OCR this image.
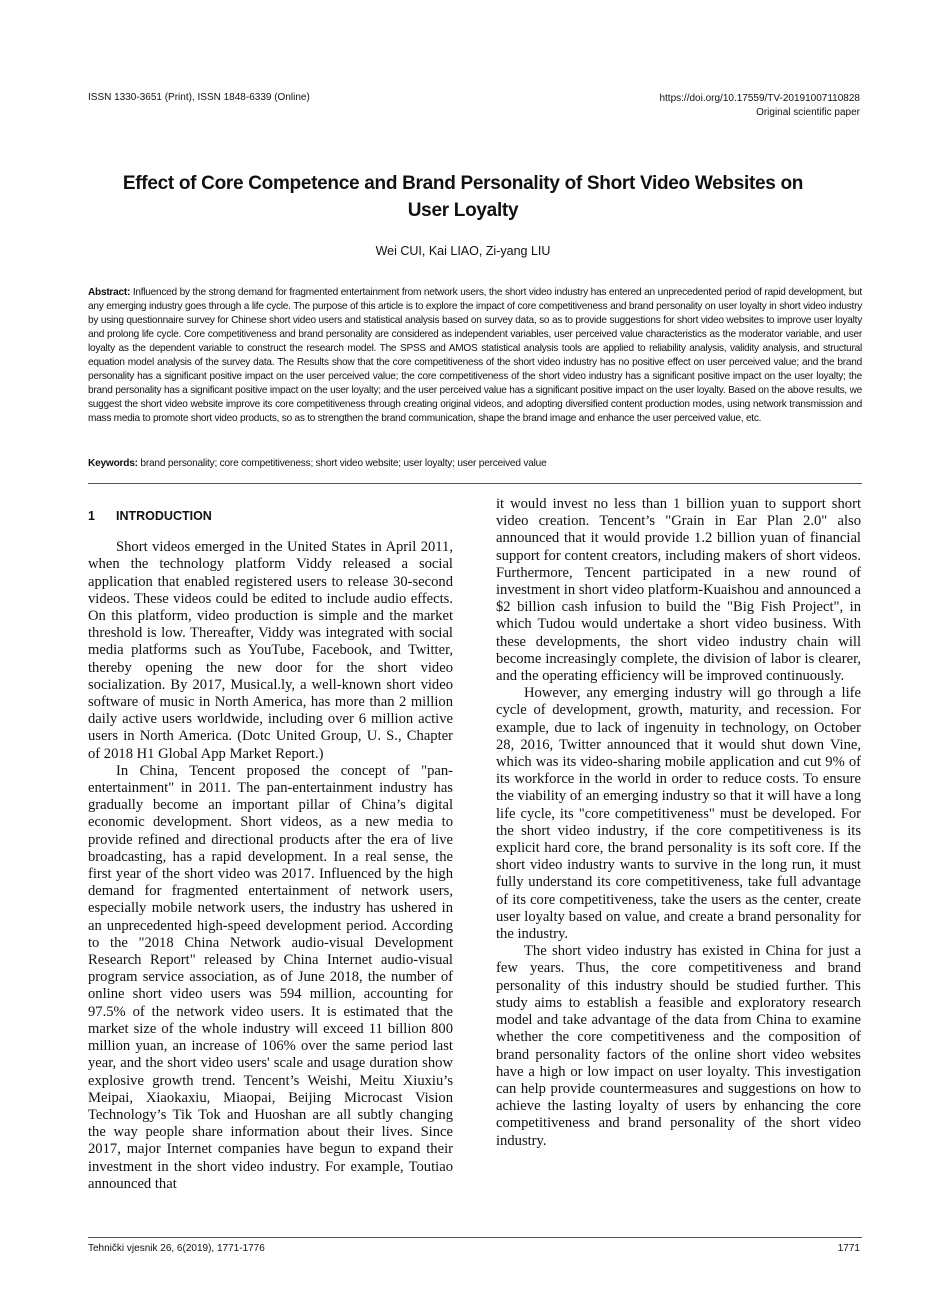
ISSN 1330-3651 (Print), ISSN 1848-6339 (Online)	https://doi.org/10.17559/TV-20191007110828
Original scientific paper
Effect of Core Competence and Brand Personality of Short Video Websites on User Loyalty
Wei CUI, Kai LIAO, Zi-yang LIU
Abstract: Influenced by the strong demand for fragmented entertainment from network users, the short video industry has entered an unprecedented period of rapid development, but any emerging industry goes through a life cycle. The purpose of this article is to explore the impact of core competitiveness and brand personality on user loyalty in short video industry by using questionnaire survey for Chinese short video users and statistical analysis based on survey data, so as to provide suggestions for short video websites to improve user loyalty and prolong life cycle. Core competitiveness and brand personality are considered as independent variables, user perceived value characteristics as the moderator variable, and user loyalty as the dependent variable to construct the research model. The SPSS and AMOS statistical analysis tools are applied to reliability analysis, validity analysis, and structural equation model analysis of the survey data. The Results show that the core competitiveness of the short video industry has no positive effect on user perceived value; and the brand personality has a significant positive impact on the user perceived value; the core competitiveness of the short video industry has a significant positive impact on the user loyalty; the brand personality has a significant positive impact on the user loyalty; and the user perceived value has a significant positive impact on the user loyalty. Based on the above results, we suggest the short video website improve its core competitiveness through creating original videos, and adopting diversified content production modes, using network transmission and mass media to promote short video products, so as to strengthen the brand communication, shape the brand image and enhance the user perceived value, etc.
Keywords: brand personality; core competitiveness; short video website; user loyalty; user perceived value
1 INTRODUCTION

Short videos emerged in the United States in April 2011, when the technology platform Viddy released a social application that enabled registered users to release 30-second videos. These videos could be edited to include audio effects. On this platform, video production is simple and the market threshold is low. Thereafter, Viddy was integrated with social media platforms such as YouTube, Facebook, and Twitter, thereby opening the new door for the short video socialization. By 2017, Musical.ly, a well-known short video software of music in North America, has more than 2 million daily active users worldwide, including over 6 million active users in North America. (Dotc United Group, U. S., Chapter of 2018 H1 Global App Market Report.)

In China, Tencent proposed the concept of "pan-entertainment" in 2011. The pan-entertainment industry has gradually become an important pillar of China’s digital economic development. Short videos, as a new media to provide refined and directional products after the era of live broadcasting, has a rapid development. In a real sense, the first year of the short video was 2017. Influenced by the high demand for fragmented entertainment of network users, especially mobile network users, the industry has ushered in an unprecedented high-speed development period. According to the "2018 China Network audio-visual Development Research Report" released by China Internet audio-visual program service association, as of June 2018, the number of online short video users was 594 million, accounting for 97.5% of the network video users. It is estimated that the market size of the whole industry will exceed 11 billion 800 million yuan, an increase of 106% over the same period last year, and the short video users' scale and usage duration show explosive growth trend. Tencent’s Weishi, Meitu Xiuxiu’s Meipai, Xiaokaxiu, Miaopai, Beijing Microcast Vision Technology’s Tik Tok and Huoshan are all subtly changing the way people share information about their lives. Since 2017, major Internet companies have begun to expand their investment in the short video industry. For example, Toutiao announced that

it would invest no less than 1 billion yuan to support short video creation. Tencent’s "Grain in Ear Plan 2.0" also announced that it would provide 1.2 billion yuan of financial support for content creators, including makers of short videos. Furthermore, Tencent participated in a new round of investment in short video platform-Kuaishou and announced a $2 billion cash infusion to build the "Big Fish Project", in which Tudou would undertake a short video business. With these developments, the short video industry chain will become increasingly complete, the division of labor is clearer, and the operating efficiency will be improved continuously.

However, any emerging industry will go through a life cycle of development, growth, maturity, and recession. For example, due to lack of ingenuity in technology, on October 28, 2016, Twitter announced that it would shut down Vine, which was its video-sharing mobile application and cut 9% of its workforce in the world in order to reduce costs. To ensure the viability of an emerging industry so that it will have a long life cycle, its "core competitiveness" must be developed. For the short video industry, if the core competitiveness is its explicit hard core, the brand personality is its soft core. If the short video industry wants to survive in the long run, it must fully understand its core competitiveness, take full advantage of its core competitiveness, take the users as the center, create user loyalty based on value, and create a brand personality for the industry.

The short video industry has existed in China for just a few years. Thus, the core competitiveness and brand personality of this industry should be studied further. This study aims to establish a feasible and exploratory research model and take advantage of the data from China to examine whether the core competitiveness and the composition of brand personality factors of the online short video websites have a high or low impact on user loyalty. This investigation can help provide countermeasures and suggestions on how to achieve the lasting loyalty of users by enhancing the core competitiveness and brand personality of the short video industry.

Tehnički vjesnik 26, 6(2019), 1771-1776	1771
